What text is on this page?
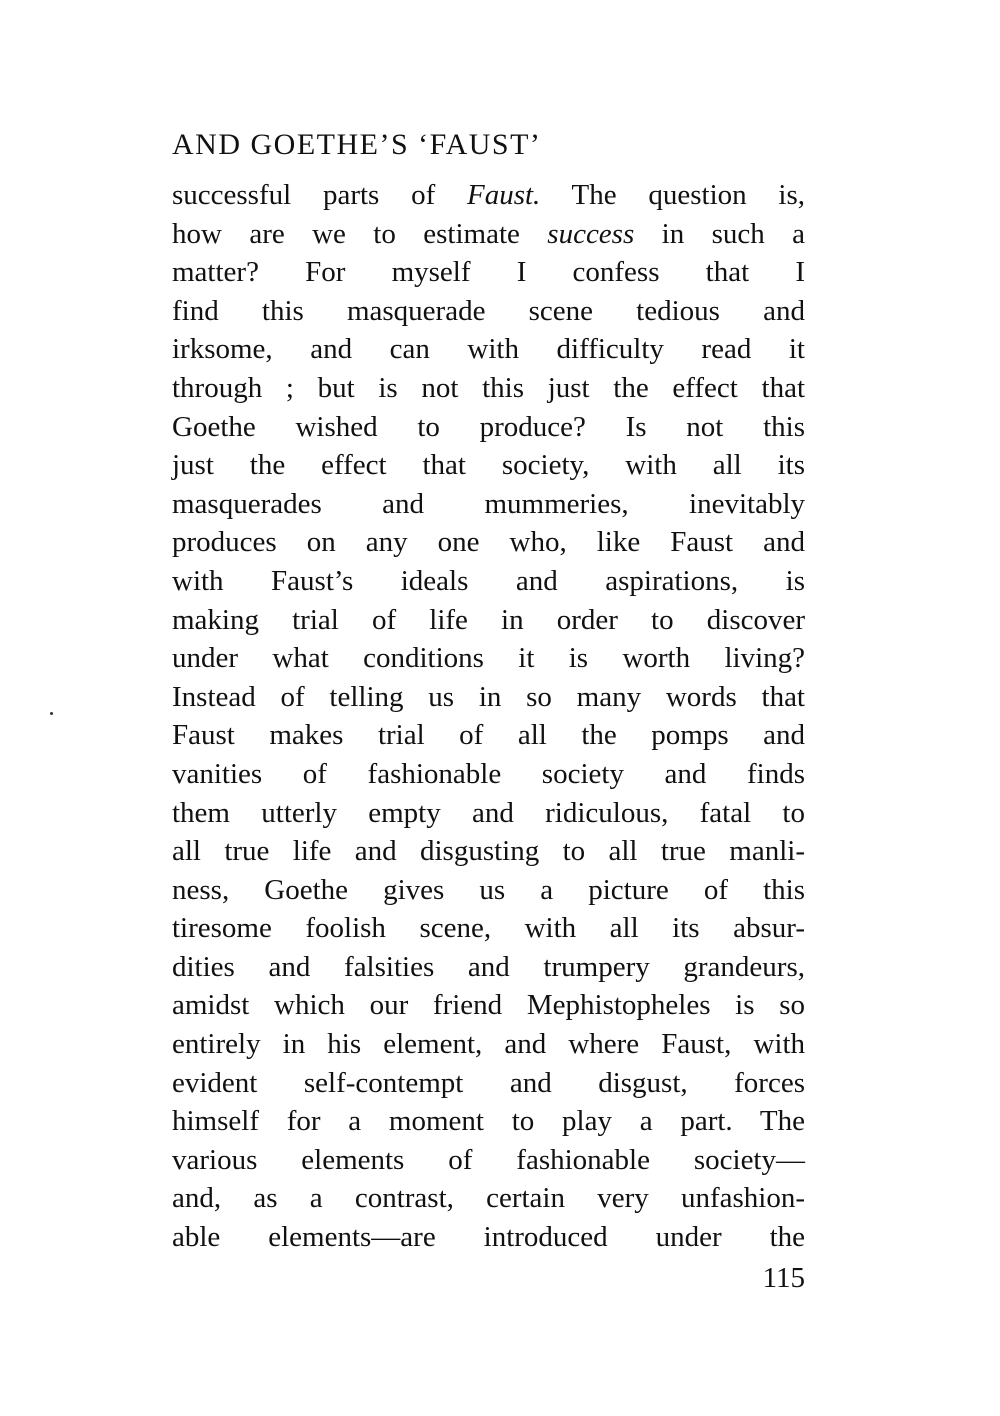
AND GOETHE’S ‘FAUST’
successful parts of Faust. The question is,
how are we to estimate success in such a
matter? For myself I confess that I
find this masquerade scene tedious and
irksome, and can with difficulty read it
through ; but is not this just the effect that
Goethe wished to produce? Is not this
just the effect that society, with all its
masquerades and mummeries, inevitably
produces on any one who, like Faust and
with Faust’s ideals and aspirations, is
making trial of life in order to discover
under what conditions it is worth living?
Instead of telling us in so many words that
Faust makes trial of all the pomps and
vanities of fashionable society and finds
them utterly empty and ridiculous, fatal to
all true life and disgusting to all true manli-
ness, Goethe gives us a picture of this
tiresome foolish scene, with all its absur-
dities and falsities and trumpery grandeurs,
amidst which our friend Mephistopheles is so
entirely in his element, and where Faust, with
evident self-contempt and disgust, forces
himself for a moment to play a part. The
various elements of fashionable society—
and, as a contrast, certain very unfashion-
able elements—are introduced under the
115
